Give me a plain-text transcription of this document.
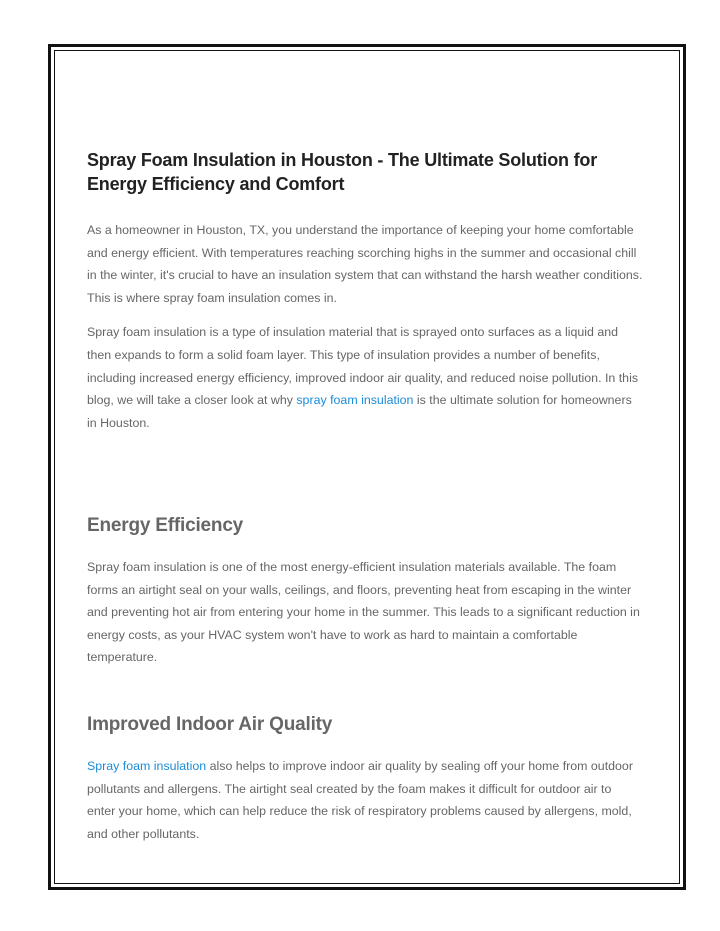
Spray Foam Insulation in Houston - The Ultimate Solution for Energy Efficiency and Comfort

As a homeowner in Houston, TX, you understand the importance of keeping your home comfortable and energy efficient. With temperatures reaching scorching highs in the summer and occasional chill in the winter, it's crucial to have an insulation system that can withstand the harsh weather conditions. This is where spray foam insulation comes in.

Spray foam insulation is a type of insulation material that is sprayed onto surfaces as a liquid and then expands to form a solid foam layer. This type of insulation provides a number of benefits, including increased energy efficiency, improved indoor air quality, and reduced noise pollution. In this blog, we will take a closer look at why spray foam insulation is the ultimate solution for homeowners in Houston.

Energy Efficiency

Spray foam insulation is one of the most energy-efficient insulation materials available. The foam forms an airtight seal on your walls, ceilings, and floors, preventing heat from escaping in the winter and preventing hot air from entering your home in the summer. This leads to a significant reduction in energy costs, as your HVAC system won't have to work as hard to maintain a comfortable temperature.

Improved Indoor Air Quality

Spray foam insulation also helps to improve indoor air quality by sealing off your home from outdoor pollutants and allergens. The airtight seal created by the foam makes it difficult for outdoor air to enter your home, which can help reduce the risk of respiratory problems caused by allergens, mold, and other pollutants.
